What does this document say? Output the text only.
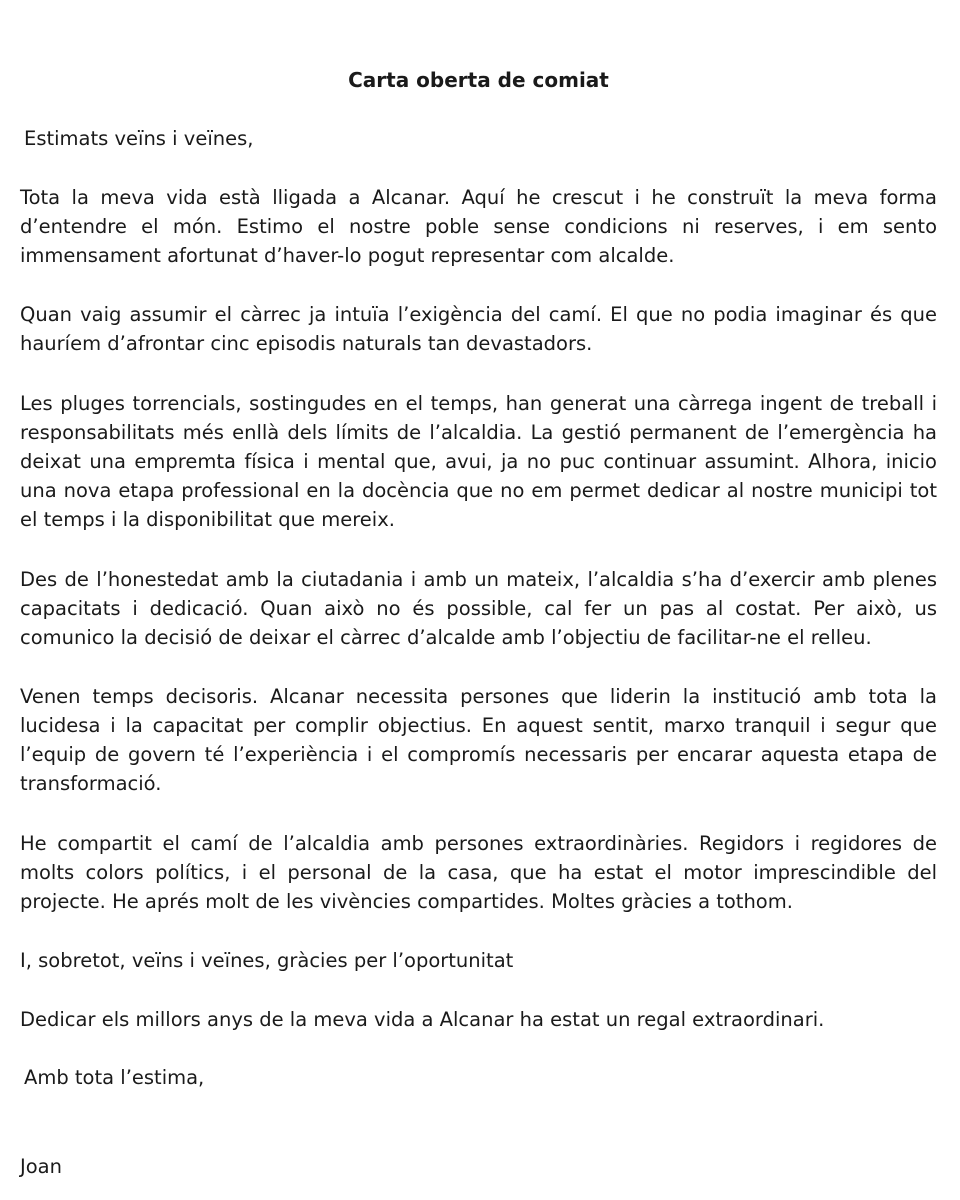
Carta oberta de comiat

Estimats veïns i veïnes,

Tota la meva vida està lligada a Alcanar. Aquí he crescut i he construït la meva forma d’entendre el món. Estimo el nostre poble sense condicions ni reserves, i em sento immensament afortunat d’haver-lo pogut representar com alcalde.

Quan vaig assumir el càrrec ja intuïa l’exigència del camí. El que no podia imaginar és que hauríem d’afrontar cinc episodis naturals tan devastadors.

Les pluges torrencials, sostingudes en el temps, han generat una càrrega ingent de treball i responsabilitats més enllà dels límits de l’alcaldia. La gestió permanent de l’emergència ha deixat una empremta física i mental que, avui, ja no puc continuar assumint. Alhora, inicio una nova etapa professional en la docència que no em permet dedicar al nostre municipi tot el temps i la disponibilitat que mereix.

Des de l’honestedat amb la ciutadania i amb un mateix, l’alcaldia s’ha d’exercir amb plenes capacitats i dedicació. Quan això no és possible, cal fer un pas al costat. Per això, us comunico la decisió de deixar el càrrec d’alcalde amb l’objectiu de facilitar-ne el relleu.

Venen temps decisoris. Alcanar necessita persones que liderin la institució amb tota la lucidesa i la capacitat per complir objectius. En aquest sentit, marxo tranquil i segur que l’equip de govern té l’experiència i el compromís necessaris per encarar aquesta etapa de transformació.

He compartit el camí de l’alcaldia amb persones extraordinàries. Regidors i regidores de molts colors polítics, i el personal de la casa, que ha estat el motor imprescindible del projecte. He aprés molt de les vivències compartides. Moltes gràcies a tothom.

I, sobretot, veïns i veïnes, gràcies per l’oportunitat

Dedicar els millors anys de la meva vida a Alcanar ha estat un regal extraordinari.

Amb tota l’estima,

Joan
